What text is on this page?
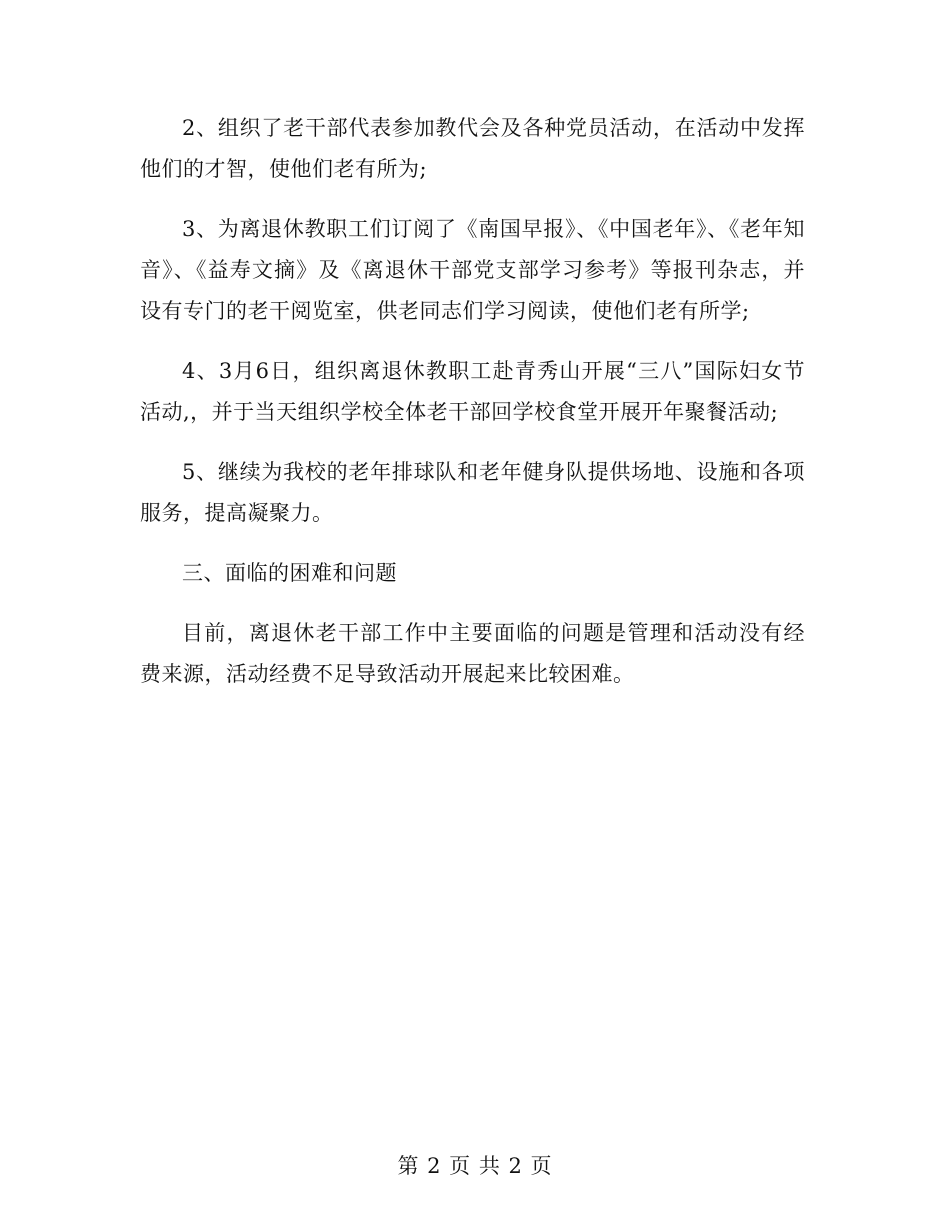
2、组织了老干部代表参加教代会及各种党员活动，在活动中发挥他们的才智，使他们老有所为;

3、为离退休教职工们订阅了《南国早报》、《中国老年》、《老年知音》、《益寿文摘》及《离退休干部党支部学习参考》等报刊杂志，并设有专门的老干阅览室，供老同志们学习阅读，使他们老有所学;

4、3月6日，组织离退休教职工赴青秀山开展“三八”国际妇女节活动,，并于当天组织学校全体老干部回学校食堂开展开年聚餐活动;

5、继续为我校的老年排球队和老年健身队提供场地、设施和各项服务，提高凝聚力。

三、面临的困难和问题

目前，离退休老干部工作中主要面临的问题是管理和活动没有经费来源，活动经费不足导致活动开展起来比较困难。

第 2 页 共 2 页
